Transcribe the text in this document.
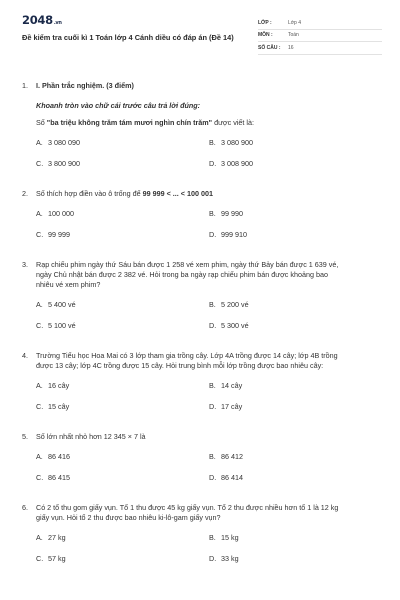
2048.vn
Đề kiểm tra cuối kì 1 Toán lớp 4 Cánh diều có đáp án (Đề 14)
LỚP :	Lớp 4
MÔN :	Toán
SỐ CÂU :	16
1.	I. Phần trắc nghiệm. (3 điểm)
Khoanh tròn vào chữ cái trước câu trả lời đúng:
Số "ba triệu không trăm tám mươi nghìn chín trăm" được viết là:
A. 3 080 090	B. 3 080 900
C. 3 800 900	D. 3 008 900
2.	Số thích hợp điền vào ô trống để 99 999 < ... < 100 001
A. 100 000	B. 99 990
C. 99 999	D. 999 910
3.	Rạp chiếu phim ngày thứ Sáu bán được 1 258 vé xem phim, ngày thứ Bảy bán được 1 639 vé,
ngày Chủ nhật bán được 2 382 vé. Hỏi trong ba ngày rạp chiếu phim bán được khoảng bao
nhiêu vé xem phim?
A. 5 400 vé	B. 5 200 vé
C. 5 100 vé	D. 5 300 vé
4.	Trường Tiểu học Hoa Mai có 3 lớp tham gia trồng cây. Lớp 4A trồng được 14 cây; lớp 4B trồng
được 13 cây; lớp 4C trồng được 15 cây. Hỏi trung bình mỗi lớp trồng được bao nhiêu cây:
A. 16 cây	B. 14 cây
C. 15 cây	D. 17 cây
5.	Số lớn nhất nhỏ hơn 12 345 × 7 là
A. 86 416	B. 86 412
C. 86 415	D. 86 414
6.	Có 2 tổ thu gom giấy vụn. Tổ 1 thu được 45 kg giấy vụn. Tổ 2 thu được nhiều hơn tổ 1 là 12 kg
giấy vụn. Hỏi tổ 2 thu được bao nhiêu ki-lô-gam giấy vụn?
A. 27 kg	B. 15 kg
C. 57 kg	D. 33 kg
